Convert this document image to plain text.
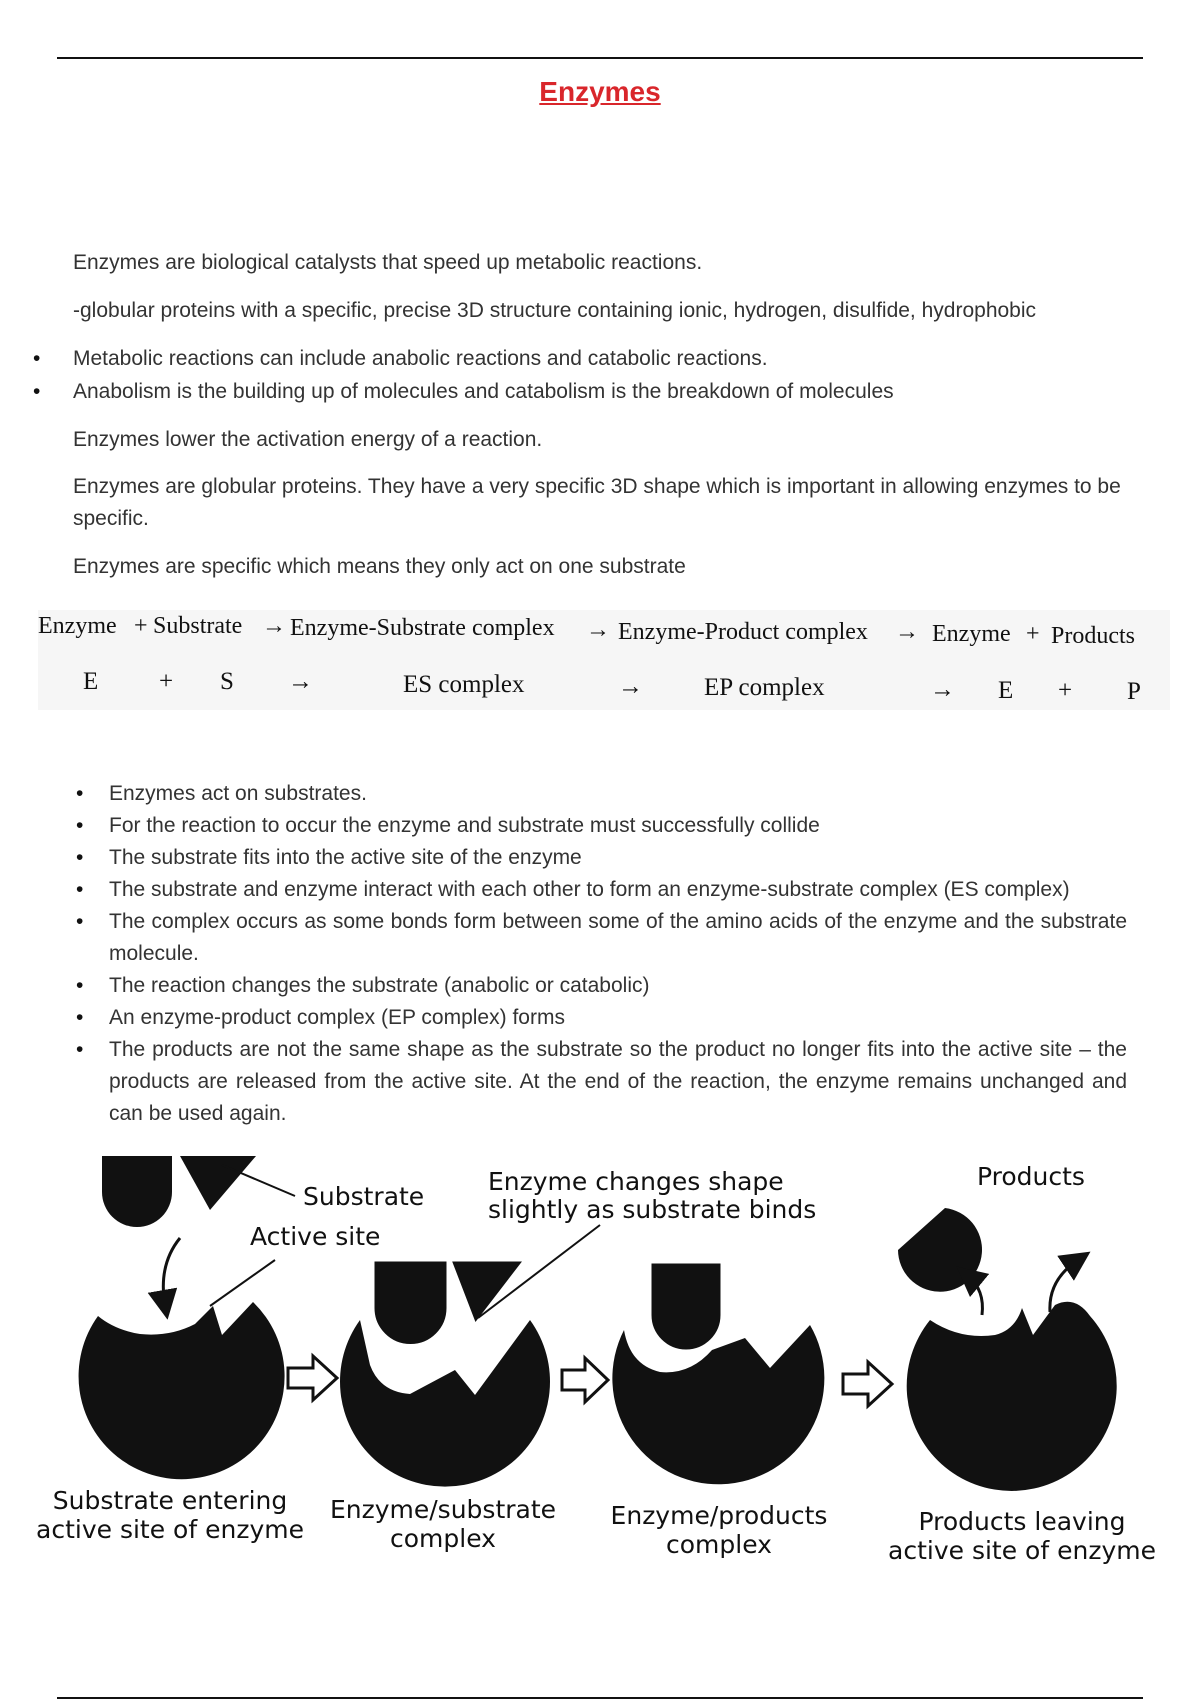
Enzymes
Enzymes are biological catalysts that speed up metabolic reactions.
-globular proteins with a specific, precise 3D structure containing ionic, hydrogen, disulfide, hydrophobic
• Metabolic reactions can include anabolic reactions and catabolic reactions.
• Anabolism is the building up of molecules and catabolism is the breakdown of molecules
Enzymes lower the activation energy of a reaction.
Enzymes are globular proteins. They have a very specific 3D shape which is important in allowing enzymes to be specific.
Enzymes are specific which means they only act on one substrate
Enzyme + Substrate → Enzyme-Substrate complex → Enzyme-Product complex → Enzyme + Products
E + S →	ES complex	→ EP complex	→ E + P
• Enzymes act on substrates.
• For the reaction to occur the enzyme and substrate must successfully collide
• The substrate fits into the active site of the enzyme
• The substrate and enzyme interact with each other to form an enzyme-substrate complex (ES complex)
• The complex occurs as some bonds form between some of the amino acids of the enzyme and the substrate molecule.
• The reaction changes the substrate (anabolic or catabolic)
• An enzyme-product complex (EP complex) forms
• The products are not the same shape as the substrate so the product no longer fits into the active site – the products are released from the active site. At the end of the reaction, the enzyme remains unchanged and can be used again.
Substrate
Active site
Enzyme changes shape
slightly as substrate binds
Products
Substrate entering
active site of enzyme
Enzyme/substrate
complex
Enzyme/products
complex
Products leaving
active site of enzyme
